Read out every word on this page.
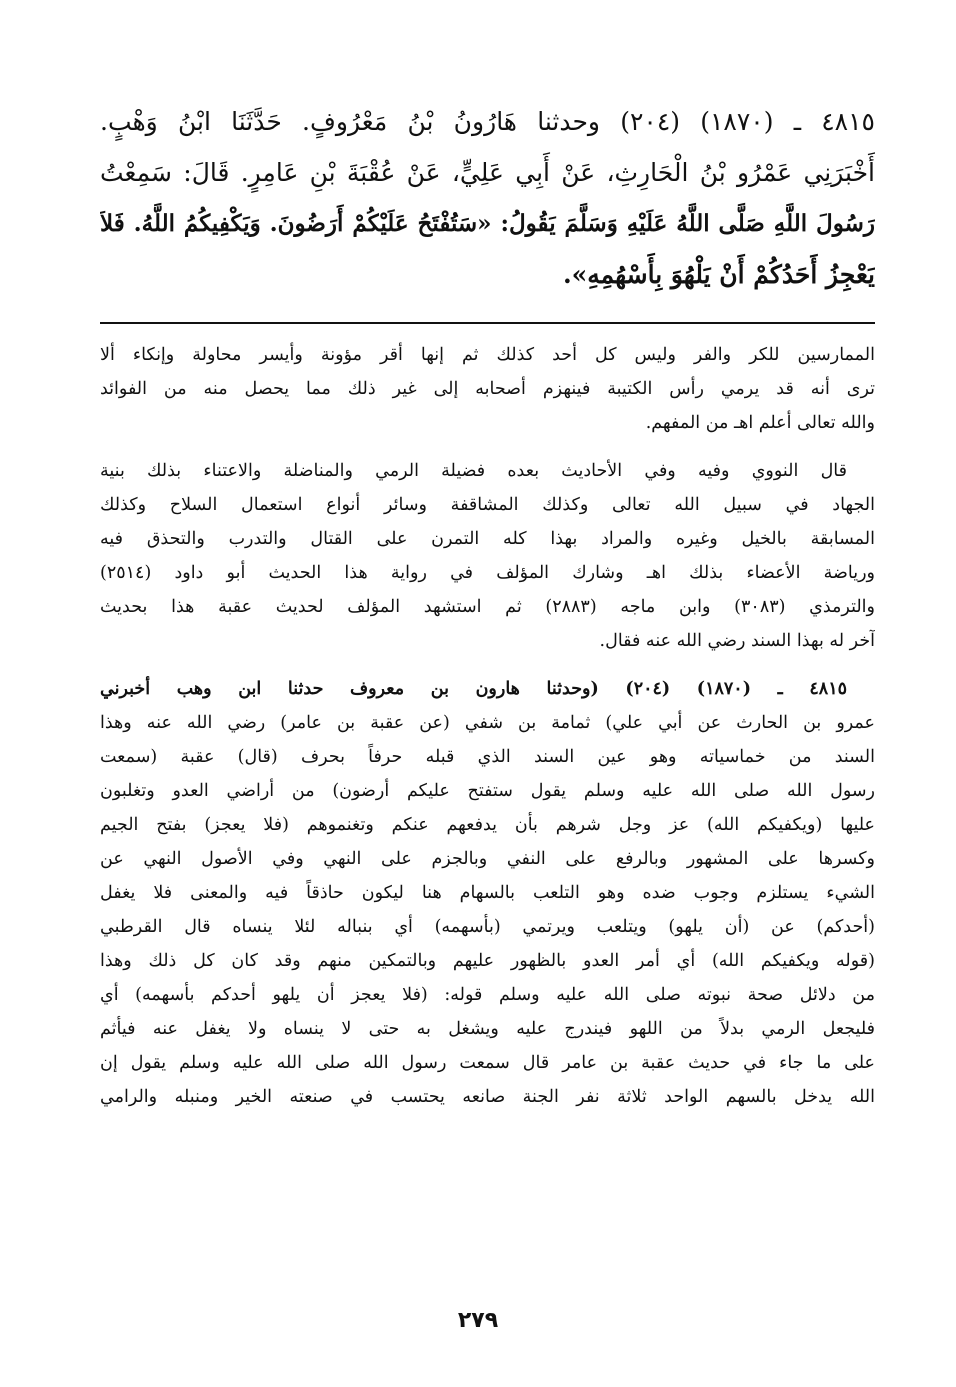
٤٨١٥ ـ (١٨٧٠) (٢٠٤) وحدثنا هَارُونُ بْنُ مَعْرُوفٍ. حَدَّثَنَا ابْنُ وَهْبٍ.
أَخْبَرَنِي عَمْرُو بْنُ الْحَارِثِ، عَنْ أَبِي عَلِيٍّ، عَنْ عُقْبَةَ بْنِ عَامِرٍ. قَالَ: سَمِعْتُ
رَسُولَ اللَّهِ صَلَّى اللَّهُ عَلَيْهِ وَسَلَّمَ يَقُولُ: «سَتُفْتَحُ عَلَيْكُمْ أَرَضُونَ. وَيَكْفِيكُمُ اللَّهُ. فَلاَ
يَعْجِزُ أَحَدُكُمْ أَنْ يَلْهُوَ بِأَسْهُمِهِ».
الممارسين للكر والفر وليس كل أحد كذلك ثم إنها أقر مؤونة وأيسر محاولة وإنكاء ألا
ترى أنه قد يرمي رأس الكتيبة فينهزم أصحابه إلى غير ذلك مما يحصل منه من الفوائد
والله تعالى أعلم اهـ من المفهم.
قال النووي وفيه وفي الأحاديث بعده فضيلة الرمي والمناضلة والاعتناء بذلك بنية
الجهاد في سبيل الله تعالى وكذلك المشاقفة وسائر أنواع استعمال السلاح وكذلك
المسابقة بالخيل وغيره والمراد بهذا كله التمرن على القتال والتدرب والتحذق فيه
ورياضة الأعضاء بذلك اهـ وشارك المؤلف في رواية هذا الحديث أبو داود (٢٥١٤)
والترمذي (٣٠٨٣) وابن ماجه (٢٨٨٣) ثم استشهد المؤلف لحديث عقبة هذا بحديث
آخر له بهذا السند رضي الله عنه فقال.
٤٨١٥ ـ (١٨٧٠) (٢٠٤) (وحدثنا هارون بن معروف حدثنا ابن وهب أخبرني
عمرو بن الحارث عن أبي علي) ثمامة بن شفي (عن عقبة بن عامر) رضي الله عنه وهذا
السند من خماسياته وهو عين السند الذي قبله حرفاً بحرف (قال) عقبة (سمعت
رسول الله صلى الله عليه وسلم يقول ستفتح عليكم أرضون) من أراضي العدو وتغلبون
عليها (ويكفيكم الله) عز وجل شرهم بأن يدفعهم عنكم وتغنموهم (فلا يعجز) بفتح الجيم
وكسرها على المشهور وبالرفع على النفي وبالجزم على النهي وفي الأصول النهي عن
الشيء يستلزم وجوب ضده وهو التلعب بالسهام هنا ليكون حاذقاً فيه والمعنى فلا يغفل
(أحدكم) عن (أن يلهو) ويتلعب ويرتمي (بأسهمه) أي بنباله لئلا ينساه قال القرطبي
(قوله ويكفيكم الله) أي أمر العدو بالظهور عليهم وبالتمكين منهم وقد كان كل ذلك وهذا
من دلائل صحة نبوته صلى الله عليه وسلم قوله: (فلا يعجز أن يلهو أحدكم بأسهمه) أي
فليجعل الرمي بدلاً من اللهو فيندرج عليه ويشغل به حتى لا ينساه ولا يغفل عنه فيأثم
على ما جاء في حديث عقبة بن عامر قال سمعت رسول الله صلى الله عليه وسلم يقول إن
الله يدخل بالسهم الواحد ثلاثة نفر الجنة صانعه يحتسب في صنعته الخير ومنبله والرامي
٢٧٩
